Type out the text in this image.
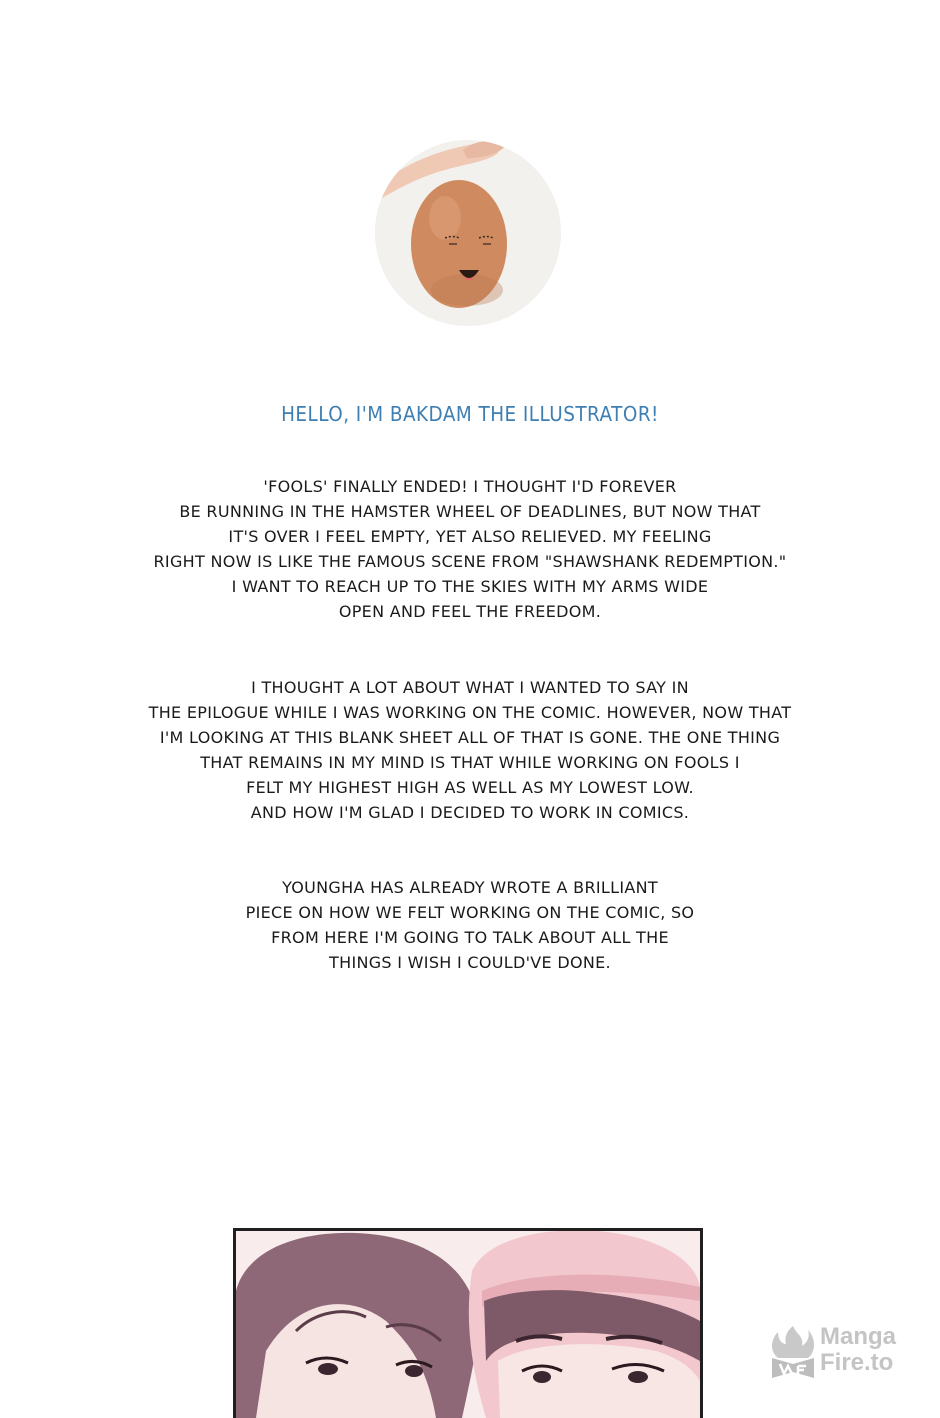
HELLO, I'M BAKDAM THE ILLUSTRATOR!

'FOOLS' FINALLY ENDED! I THOUGHT I'D FOREVER
BE RUNNING IN THE HAMSTER WHEEL OF DEADLINES, BUT NOW THAT
IT'S OVER I FEEL EMPTY, YET ALSO RELIEVED. MY FEELING
RIGHT NOW IS LIKE THE FAMOUS SCENE FROM "SHAWSHANK REDEMPTION."
I WANT TO REACH UP TO THE SKIES WITH MY ARMS WIDE
OPEN AND FEEL THE FREEDOM.

I THOUGHT A LOT ABOUT WHAT I WANTED TO SAY IN
THE EPILOGUE WHILE I WAS WORKING ON THE COMIC. HOWEVER, NOW THAT
I'M LOOKING AT THIS BLANK SHEET ALL OF THAT IS GONE. THE ONE THING
THAT REMAINS IN MY MIND IS THAT WHILE WORKING ON FOOLS I
FELT MY HIGHEST HIGH AS WELL AS MY LOWEST LOW.
AND HOW I'M GLAD I DECIDED TO WORK IN COMICS.

YOUNGHA HAS ALREADY WROTE A BRILLIANT
PIECE ON HOW WE FELT WORKING ON THE COMIC, SO
FROM HERE I'M GOING TO TALK ABOUT ALL THE
THINGS I WISH I COULD'VE DONE.

Manga
Fire.to
